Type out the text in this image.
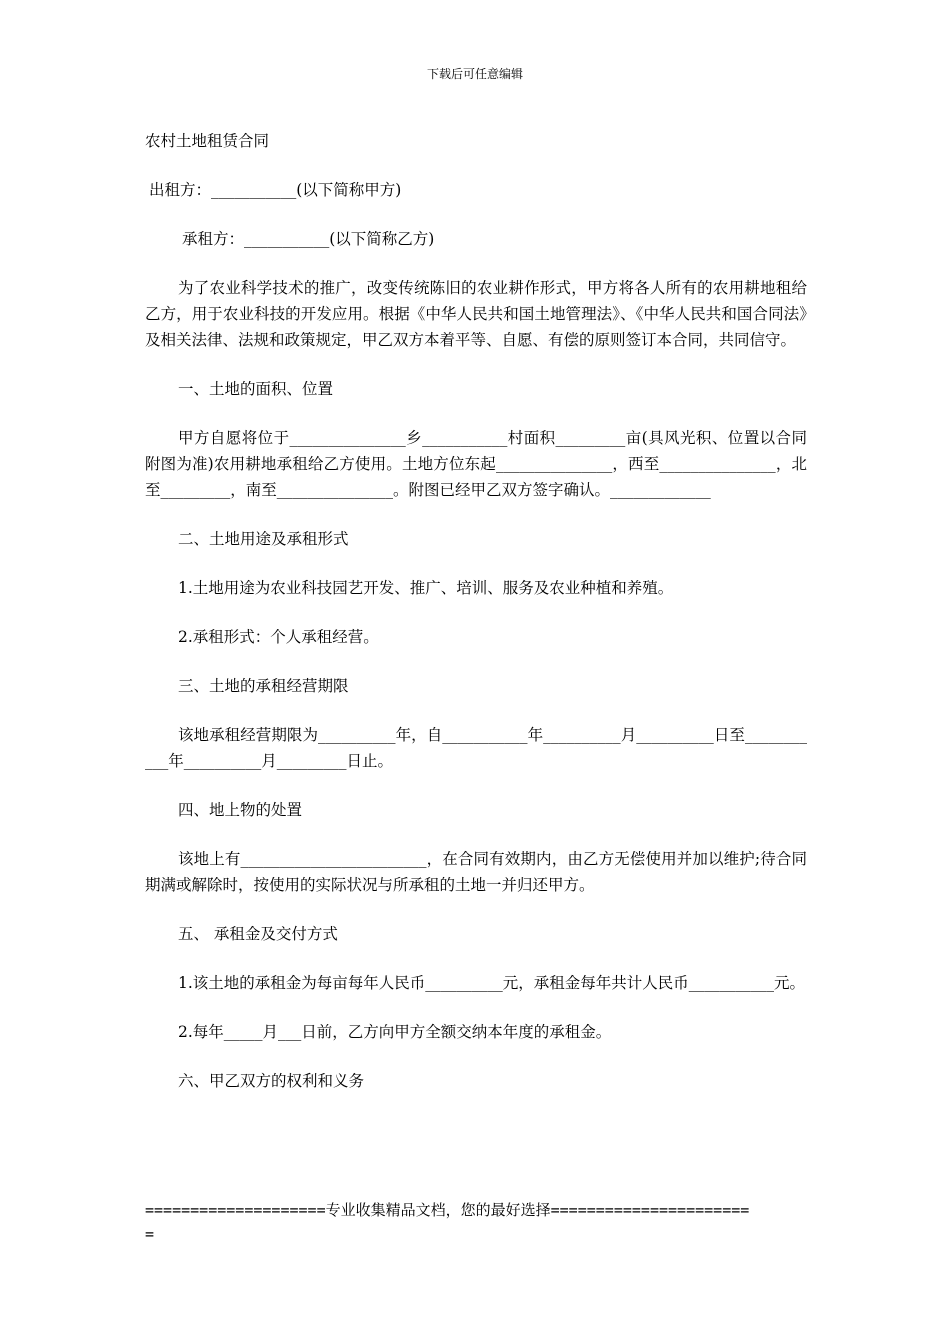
下载后可任意编辑

农村土地租赁合同

出租方：___________(以下简称甲方)

承租方：___________(以下简称乙方)

为了农业科学技术的推广，改变传统陈旧的农业耕作形式，甲方将各人所有的农用耕地租给乙方，用于农业科技的开发应用。根据《中华人民共和国土地管理法》、《中华人民共和国合同法》及相关法律、法规和政策规定，甲乙双方本着平等、自愿、有偿的原则签订本合同，共同信守。

一、土地的面积、位置

甲方自愿将位于_______________乡___________村面积_________亩(具风光积、位置以合同附图为准)农用耕地承租给乙方使用。土地方位东起_______________，西至_______________，北至_________，南至_______________。附图已经甲乙双方签字确认。_____________

二、土地用途及承租形式

1.土地用途为农业科技园艺开发、推广、培训、服务及农业种植和养殖。

2.承租形式：个人承租经营。

三、土地的承租经营期限

该地承租经营期限为__________年，自___________年__________月__________日至___________年__________月_________日止。

四、地上物的处置

该地上有________________________，在合同有效期内，由乙方无偿使用并加以维护;待合同期满或解除时，按使用的实际状况与所承租的土地一并归还甲方。

五、 承租金及交付方式

1.该土地的承租金为每亩每年人民币__________元，承租金每年共计人民币___________元。

2.每年_____月___日前，乙方向甲方全额交纳本年度的承租金。

六、甲乙双方的权利和义务

====================专业收集精品文档，您的最好选择======================
=
